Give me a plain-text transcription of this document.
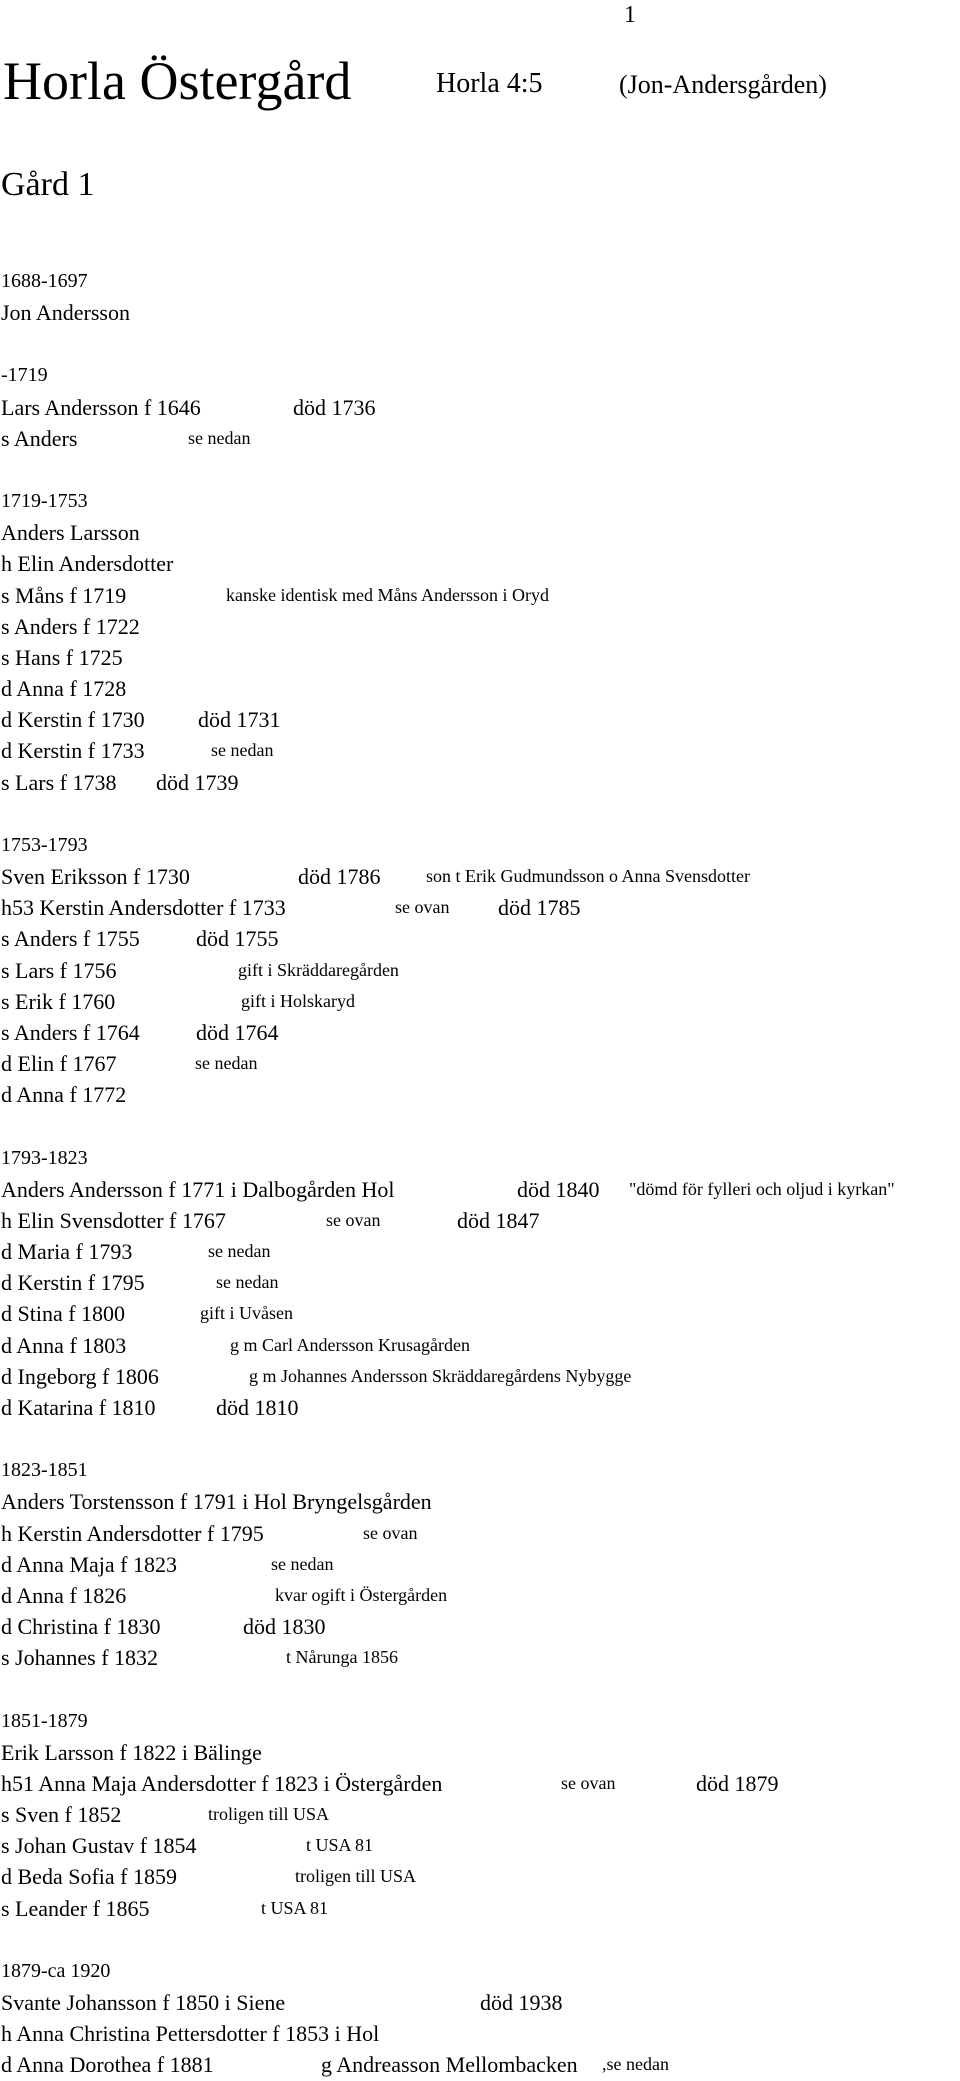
1
Horla Östergård	Horla 4:5	(Jon-Andersgården)
Gård 1
1688-1697
Jon Andersson
-1719
Lars Andersson f 1646	död 1736
s Anders	se nedan
1719-1753
Anders Larsson
h Elin Andersdotter
s Måns f 1719	kanske identisk med Måns Andersson i Oryd
s Anders f 1722
s Hans f 1725
d Anna f 1728
d Kerstin f 1730 död 1731
d Kerstin f 1733	se nedan
s Lars f 1738 död 1739
1753-1793
Sven Eriksson f 1730	död 1786	son t Erik Gudmundsson o Anna Svensdotter
h53 Kerstin Andersdotter f 1733	se ovan död 1785
s Anders f 1755	död 1755
s Lars f 1756	gift i Skräddaregården
s Erik f 1760	gift i Holskaryd
s Anders f 1764	död 1764
d Elin f 1767	se nedan
d Anna f 1772
1793-1823
Anders Andersson f 1771 i Dalbogården Hol	död 1840 "dömd för fylleri och oljud i kyrkan"
h Elin Svensdotter f 1767	se ovan	död 1847
d Maria f 1793	se nedan
d Kerstin f 1795	se nedan
d Stina f 1800	gift i Uvåsen
d Anna f 1803	g m Carl Andersson Krusagården
d Ingeborg f 1806	g m Johannes Andersson Skräddaregårdens Nybygge
d Katarina f 1810	död 1810
1823-1851
Anders Torstensson f 1791 i Hol Bryngelsgården
h Kerstin Andersdotter f 1795	se ovan
d Anna Maja f 1823	se nedan
d Anna f 1826	kvar ogift i Östergården
d Christina f 1830	död 1830
s Johannes f 1832	t Nårunga 1856
1851-1879
Erik Larsson f 1822 i Bälinge
h51 Anna Maja Andersdotter f 1823 i Östergården	se ovan	död 1879
s Sven f 1852	troligen till USA
s Johan Gustav f 1854	t USA 81
d Beda Sofia f 1859	troligen till USA
s Leander f 1865	t USA 81
1879-ca 1920
Svante Johansson f 1850 i Siene	död 1938
h Anna Christina Pettersdotter f 1853 i Hol
d Anna Dorothea f 1881	g Andreasson Mellombacken ,se nedan
